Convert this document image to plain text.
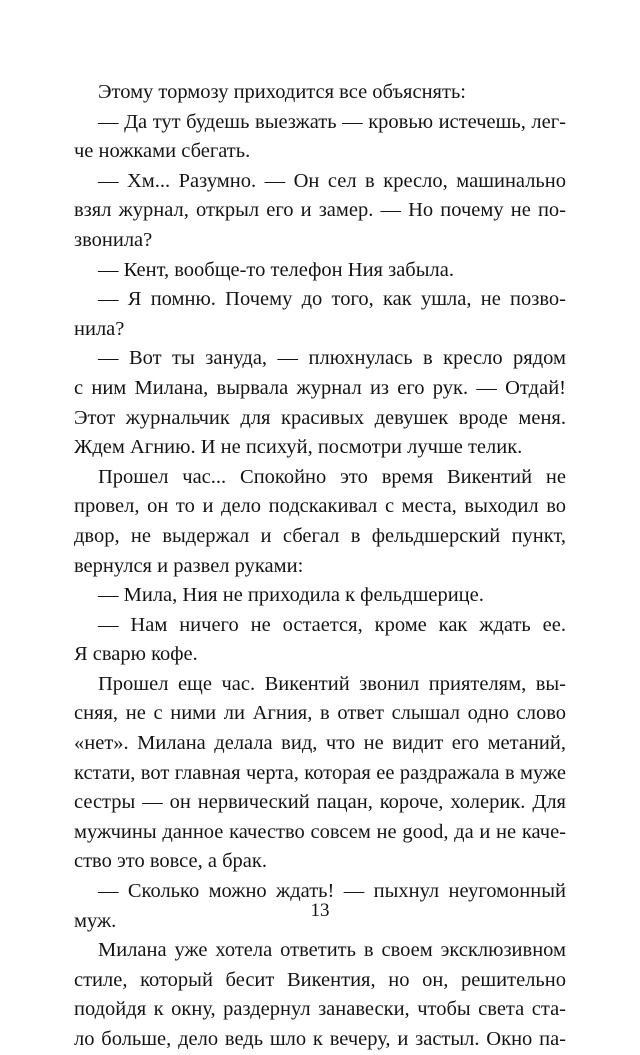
Этому тормозу приходится все объяснять:
— Да тут будешь выезжать — кровью истечешь, лег-
че ножками сбегать.
— Хм... Разумно. — Он сел в кресло, машинально
взял журнал, открыл его и замер. — Но почему не по-
звонила?
— Кент, вообще-то телефон Ния забыла.
— Я помню. Почему до того, как ушла, не позво-
нила?
— Вот ты зануда, — плюхнулась в кресло рядом
с ним Милана, вырвала журнал из его рук. — Отдай!
Этот журнальчик для красивых девушек вроде меня.
Ждем Агнию. И не психуй, посмотри лучше телик.
Прошел час... Спокойно это время Викентий не
провел, он то и дело подскакивал с места, выходил во
двор, не выдержал и сбегал в фельдшерский пункт,
вернулся и развел руками:
— Мила, Ния не приходила к фельдшерице.
— Нам ничего не остается, кроме как ждать ее.
Я сварю кофе.
Прошел еще час. Викентий звонил приятелям, вы-
сняя, не с ними ли Агния, в ответ слышал одно слово
«нет». Милана делала вид, что не видит его метаний,
кстати, вот главная черта, которая ее раздражала в муже
сестры — он нервический пацан, короче, холерик. Для
мужчины данное качество совсем не good, да и не каче-
ство это вовсе, а брак.
— Сколько можно ждать! — пыхнул неугомонный
муж.
Милана уже хотела ответить в своем эксклюзивном
стиле, который бесит Викентия, но он, решительно
подойдя к окну, раздернул занавески, чтобы света ста-
ло больше, дело ведь шло к вечеру, и застыл. Окно па-
13
